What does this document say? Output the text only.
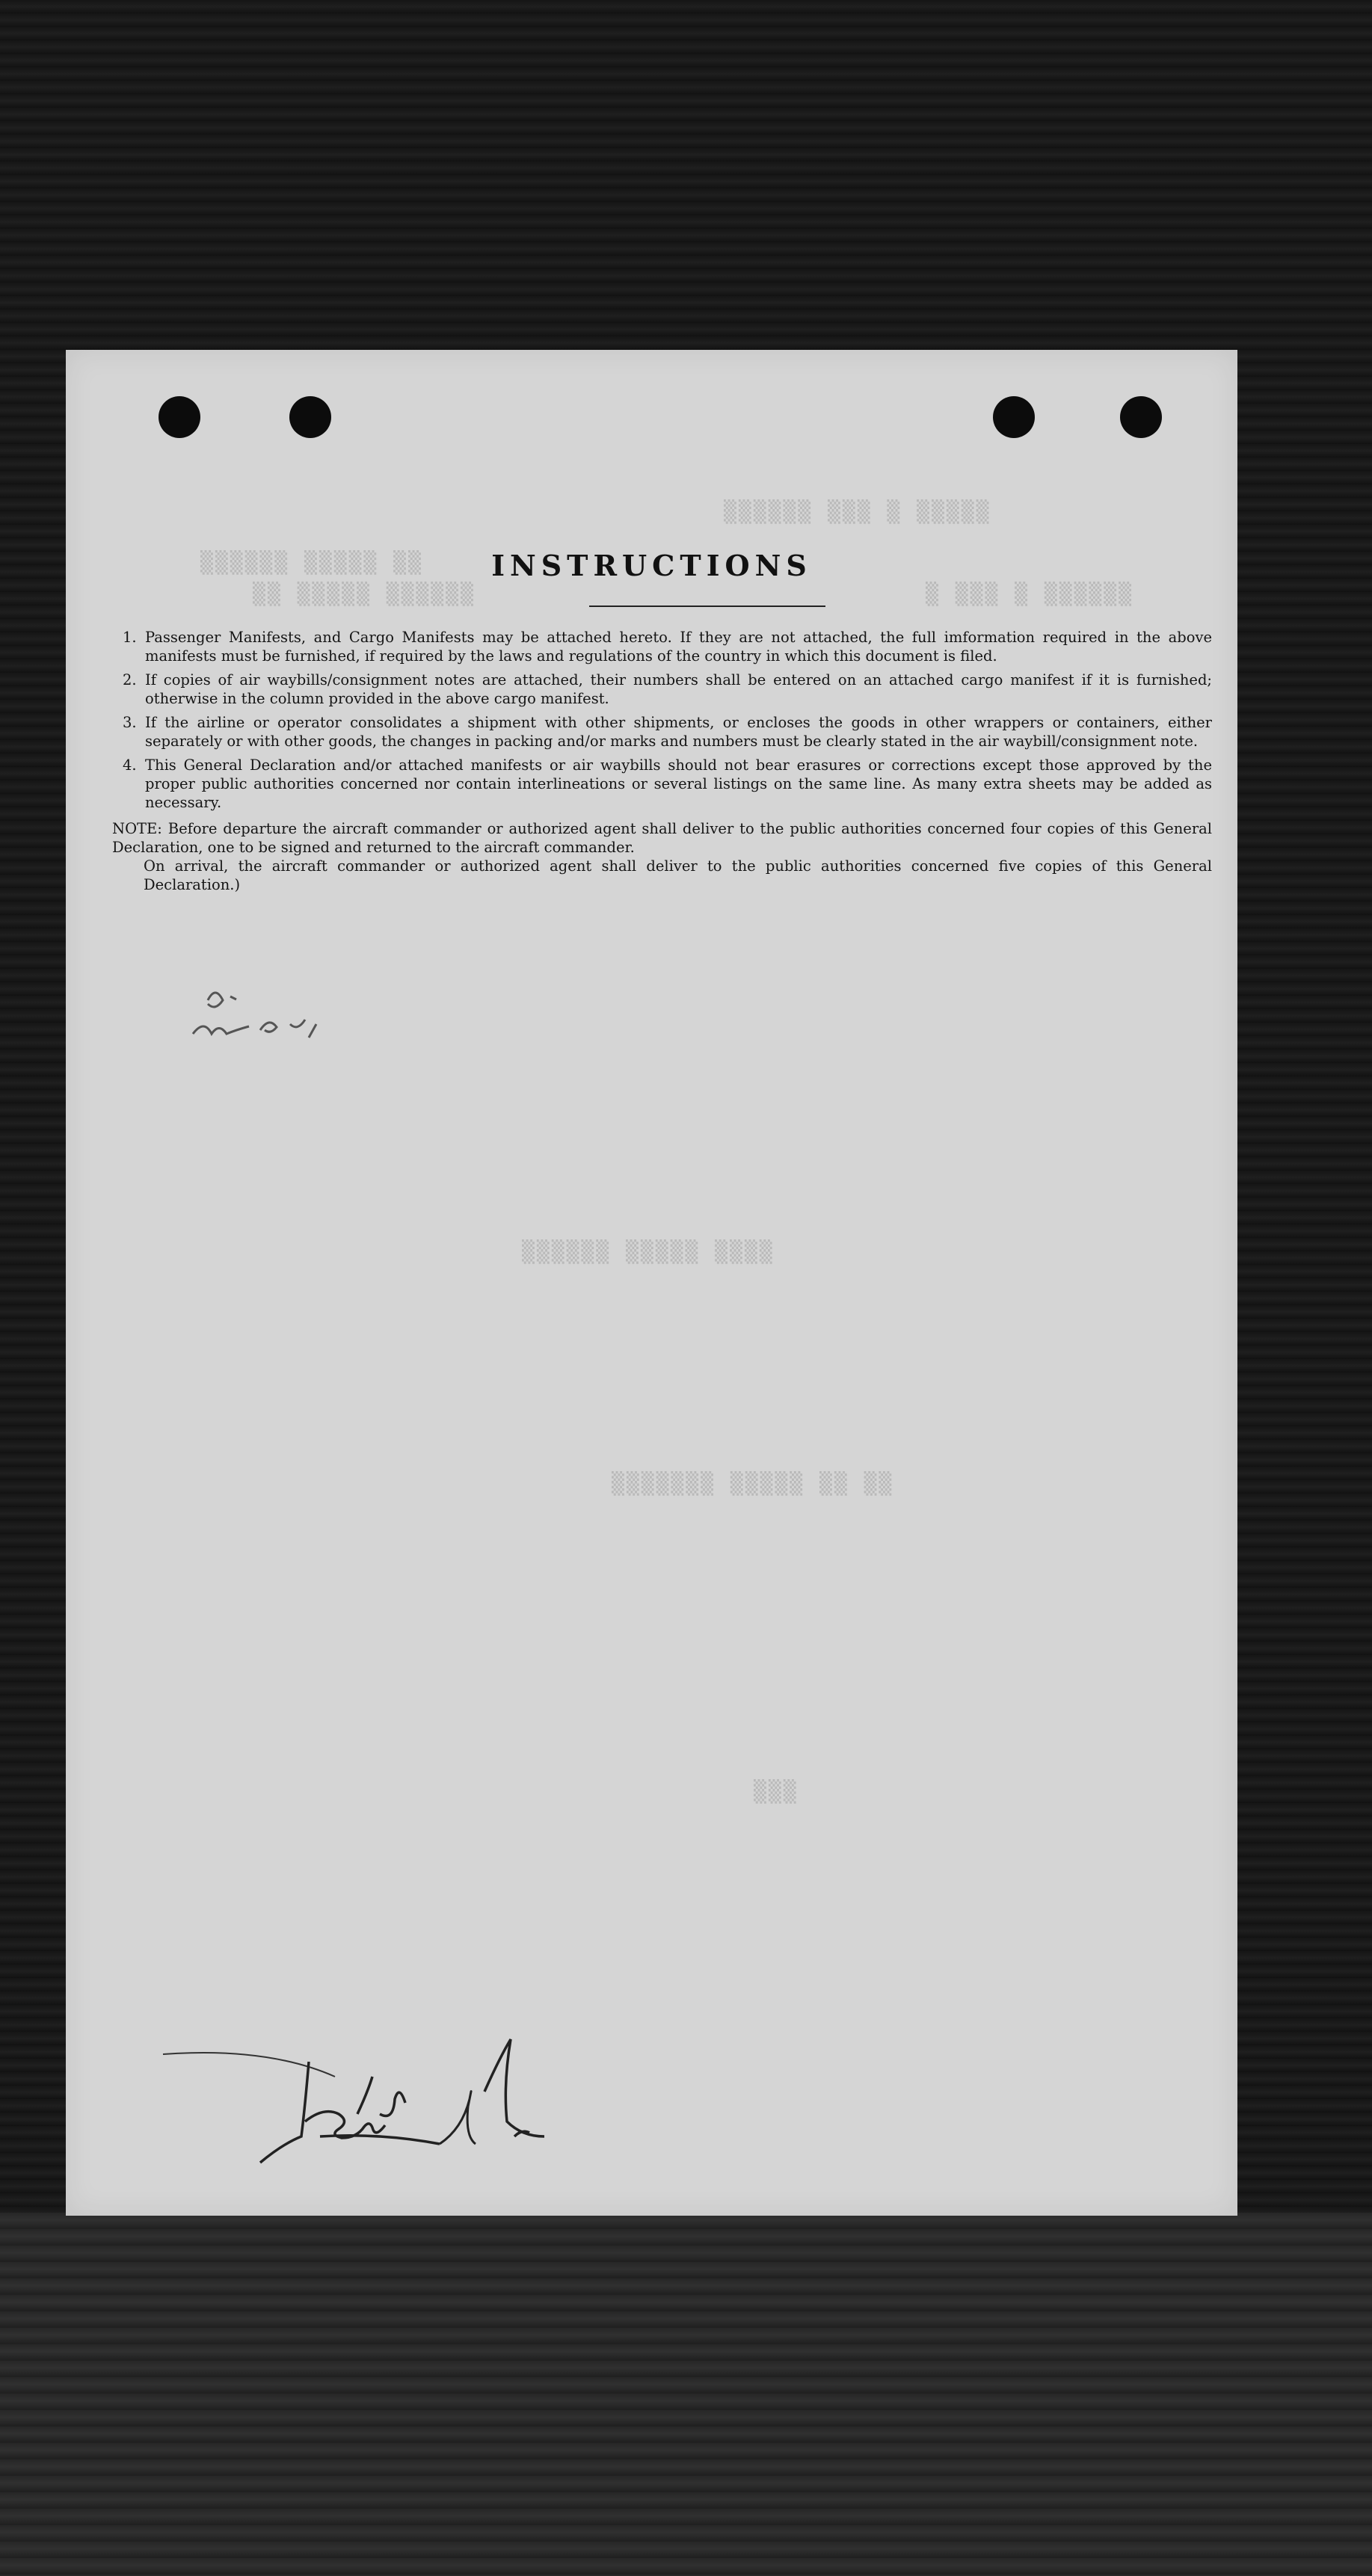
▒▒▒▒▒▒ ▒▒▒ ▒ ▒▒▒▒▒
▒▒▒▒▒▒ ▒▒▒▒▒ ▒▒
▒▒ ▒▒▒▒▒ ▒▒▒▒▒▒	▒ ▒▒▒ ▒ ▒▒▒▒▒▒
▒▒▒▒▒▒ ▒▒▒▒▒ ▒▒▒▒
▒▒▒▒▒▒▒ ▒▒▒▒▒ ▒▒ ▒▒
▒▒▒
INSTRUCTIONS
1. Passenger Manifests, and Cargo Manifests may be attached hereto. If they are not attached, the full imformation required in the above manifests must be furnished, if required by the laws and regulations of the country in which this document is filed.
2. If copies of air waybills/consignment notes are attached, their numbers shall be entered on an attached cargo manifest if it is furnished; otherwise in the column provided in the above cargo manifest.
3. If the airline or operator consolidates a shipment with other shipments, or encloses the goods in other wrappers or containers, either separately or with other goods, the changes in packing and/or marks and numbers must be clearly stated in the air waybill/consignment note.
4. This General Declaration and/or attached manifests or air waybills should not bear erasures or corrections except those approved by the proper public authorities concerned nor contain interlineations or several listings on the same line. As many extra sheets may be added as necessary.
NOTE: Before departure the aircraft commander or authorized agent shall deliver to the public authorities concerned four copies of this General Declaration, one to be signed and returned to the aircraft commander.
On arrival, the aircraft commander or authorized agent shall deliver to the public authorities concerned five copies of this General Declaration.)
